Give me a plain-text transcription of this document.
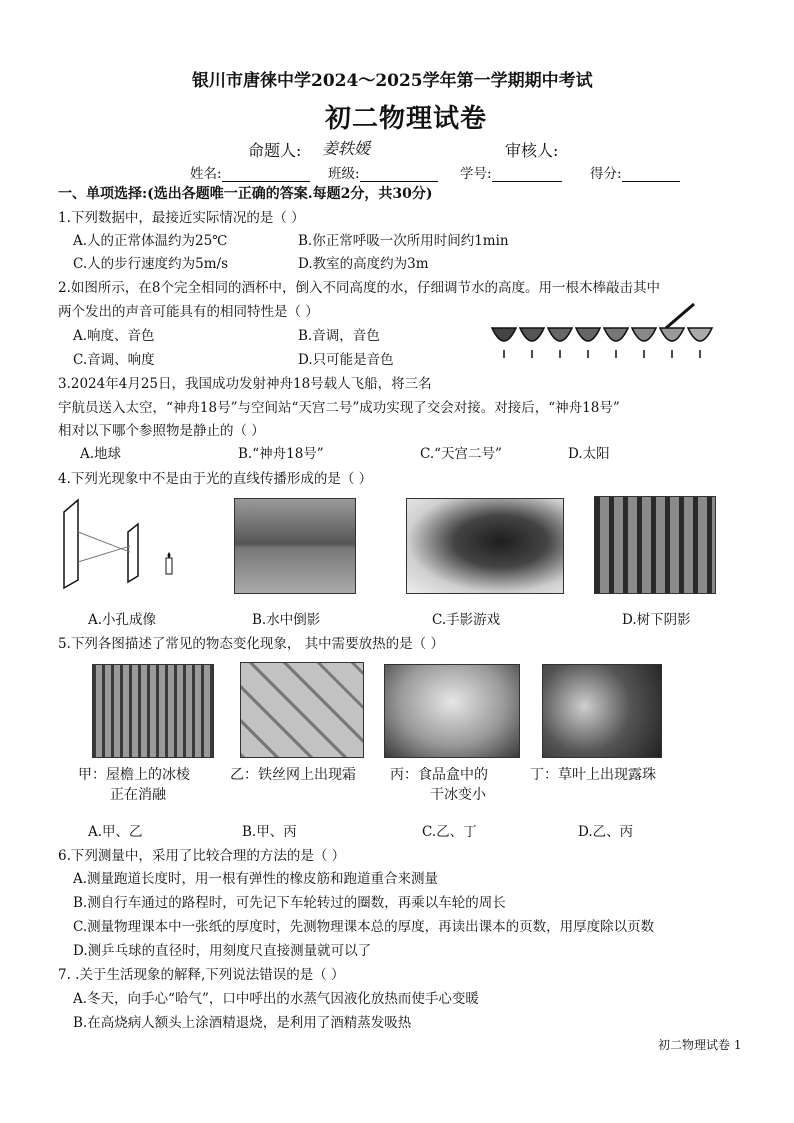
银川市唐徕中学2024～2025学年第一学期期中考试
初二物理试卷
命题人: 姜轶媛	审核人:
姓名:	班级:	学号:	得分:
一、单项选择:(选出各题唯一正确的答案.每题2分，共30分)
1.下列数据中，最接近实际情况的是（ ）
A.人的正常体温约为25℃	B.你正常呼吸一次所用时间约1min
C.人的步行速度约为5m/s	D.教室的高度约为3m
2.如图所示，在8个完全相同的酒杯中，倒入不同高度的水，仔细调节水的高度。用一根木棒敲击其中
两个发出的声音可能具有的相同特性是（ ）
A.响度、音色	B.音调，音色
C.音调、响度	D.只可能是音色
3.2024年4月25日，我国成功发射神舟18号载人飞船，将三名
宇航员送入太空，“神舟18号”与空间站“天宫二号”成功实现了交会对接。对接后，“神舟18号”
相对以下哪个参照物是静止的（ ）
A.地球	B.“神舟18号”	C.“天宫二号”	D.太阳
4.下列光现象中不是由于光的直线传播形成的是（ ）
A.小孔成像	B.水中倒影	C.手影游戏	D.树下阴影
5.下列各图描述了常见的物态变化现象， 其中需要放热的是（ ）
甲：屋檐上的冰棱
正在消融
乙：铁丝网上出现霜 丙：食品盒中的
干冰变小
丁：草叶上出现露珠
A.甲、乙	B.甲、丙	C.乙、丁	D.乙、丙
6.下列测量中，采用了比较合理的方法的是（ ）
A.测量跑道长度时，用一根有弹性的橡皮筋和跑道重合来测量
B.测自行车通过的路程时，可先记下车轮转过的圈数，再乘以车轮的周长
C.测量物理课本中一张纸的厚度时，先测物理课本总的厚度，再读出课本的页数，用厚度除以页数
D.测乒乓球的直径时，用刻度尺直接测量就可以了
7. .关于生活现象的解释,下列说法错误的是（ ）
A.冬天，向手心“哈气”，口中呼出的水蒸气因液化放热而使手心变暖
B.在高烧病人额头上涂酒精退烧，是利用了酒精蒸发吸热
初二物理试卷 1
